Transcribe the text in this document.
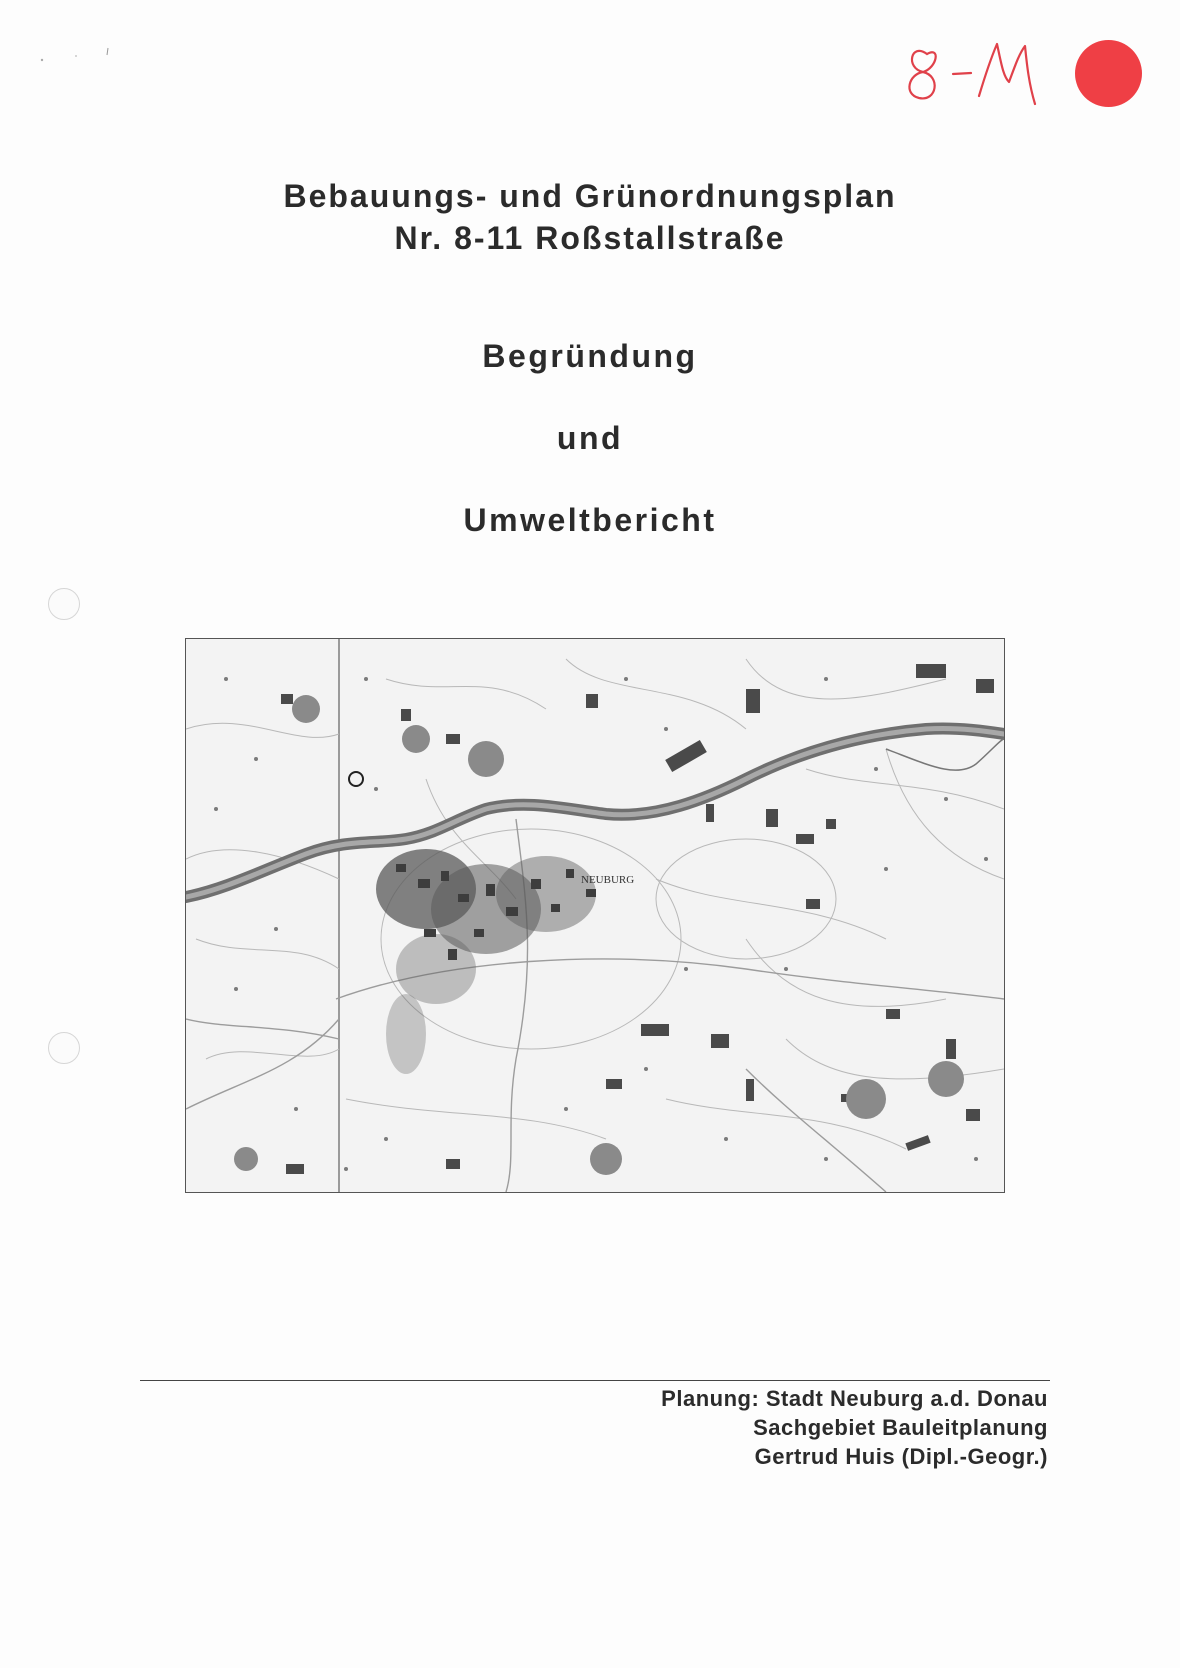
Bebauungs- und Grünordnungsplan
Nr. 8-11 Roßstallstraße
Begründung
und
Umweltbericht
NEUBURG
Planung: Stadt Neuburg a.d. Donau
Sachgebiet Bauleitplanung
Gertrud Huis (Dipl.-Geogr.)
